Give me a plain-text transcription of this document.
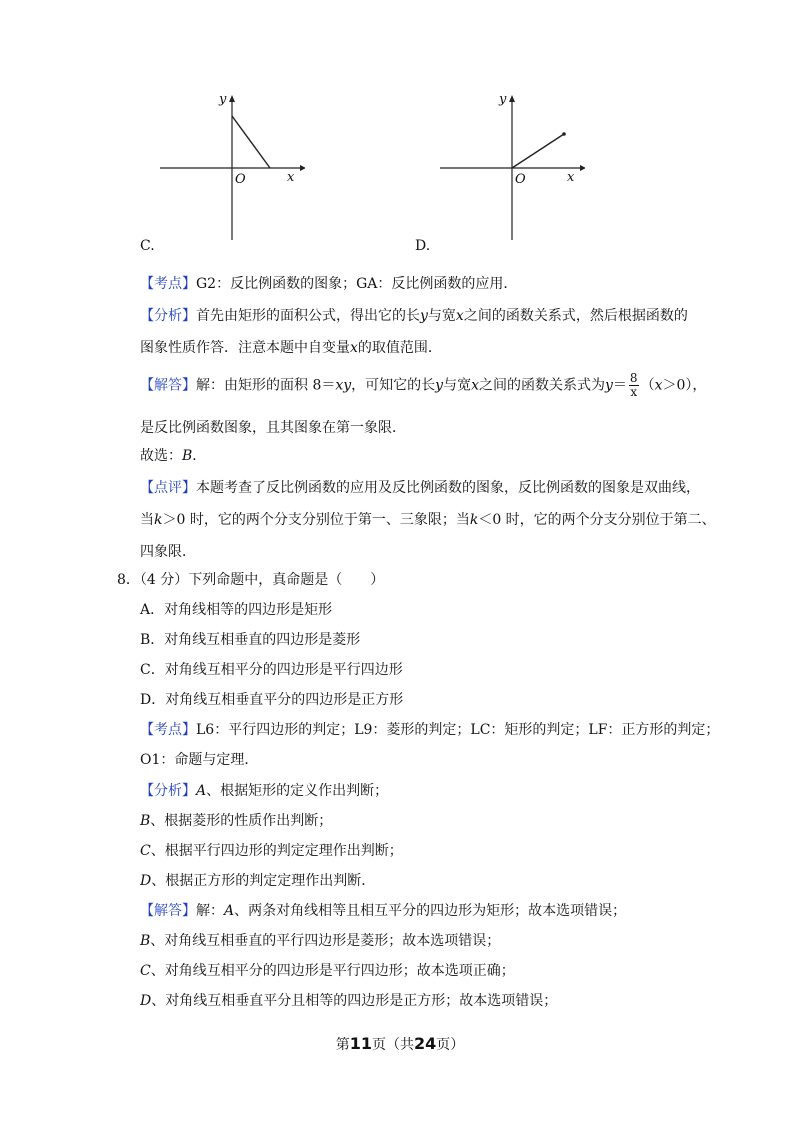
y
x
O
C.
y
x
O
D.
【考点】G2：反比例函数的图象；GA：反比例函数的应用．
【分析】首先由矩形的面积公式，得出它的长y与宽x之间的函数关系式，然后根据函数的
图象性质作答．注意本题中自变量x的取值范围．
【解答】解：由矩形的面积 8＝xy，可知它的长y与宽x之间的函数关系式为$y= \frac{8}{x} (x>0)$，
是反比例函数图象，且其图象在第一象限．
故选：B．
【点评】本题考查了反比例函数的应用及反比例函数的图象，反比例函数的图象是双曲线，
当k＞0 时，它的两个分支分别位于第一、三象限；当k＜0 时，它的两个分支分别位于第二、
四象限．
8．（4 分）下列命题中，真命题是（　　）
A．对角线相等的四边形是矩形
B．对角线互相垂直的四边形是菱形
C．对角线互相平分的四边形是平行四边形
D．对角线互相垂直平分的四边形是正方形
【考点】L6：平行四边形的判定；L9：菱形的判定；LC：矩形的判定；LF：正方形的判定；
O1：命题与定理．
【分析】A、根据矩形的定义作出判断；
B、根据菱形的性质作出判断；
C、根据平行四边形的判定定理作出判断；
D、根据正方形的判定定理作出判断．
【解答】解：A、两条对角线相等且相互平分的四边形为矩形；故本选项错误；
B、对角线互相垂直的平行四边形是菱形；故本选项错误；
C、对角线互相平分的四边形是平行四边形；故本选项正确；
D、对角线互相垂直平分且相等的四边形是正方形；故本选项错误；
第11页（共24页）
